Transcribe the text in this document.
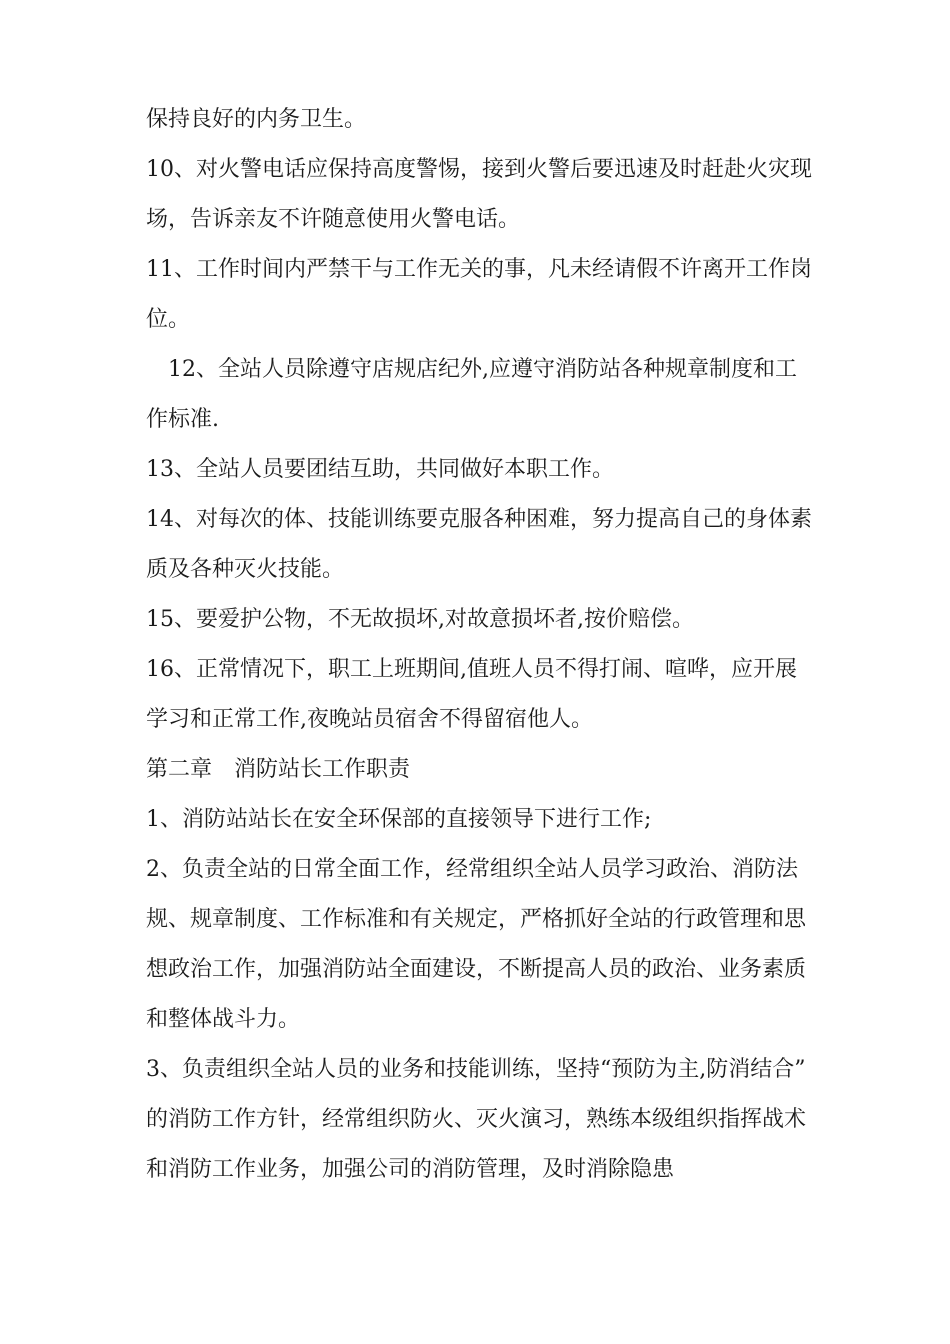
保持良好的内务卫生。
10、对火警电话应保持高度警惕，接到火警后要迅速及时赶赴火灾现
场，告诉亲友不许随意使用火警电话。
11、工作时间内严禁干与工作无关的事，凡未经请假不许离开工作岗
位。
12、全站人员除遵守店规店纪外,应遵守消防站各种规章制度和工
作标准.
13、全站人员要团结互助，共同做好本职工作。
14、对每次的体、技能训练要克服各种困难，努力提高自己的身体素
质及各种灭火技能。
15、要爱护公物，不无故损坏,对故意损坏者,按价赔偿。
16、正常情况下，职工上班期间,值班人员不得打闹、喧哗，应开展
学习和正常工作,夜晚站员宿舍不得留宿他人。
第二章　消防站长工作职责
1、消防站站长在安全环保部的直接领导下进行工作;
2、负责全站的日常全面工作，经常组织全站人员学习政治、消防法
规、规章制度、工作标准和有关规定，严格抓好全站的行政管理和思
想政治工作，加强消防站全面建设，不断提高人员的政治、业务素质
和整体战斗力。
3、负责组织全站人员的业务和技能训练，坚持“预防为主,防消结合”
的消防工作方针，经常组织防火、灭火演习，熟练本级组织指挥战术
和消防工作业务，加强公司的消防管理，及时消除隐患
